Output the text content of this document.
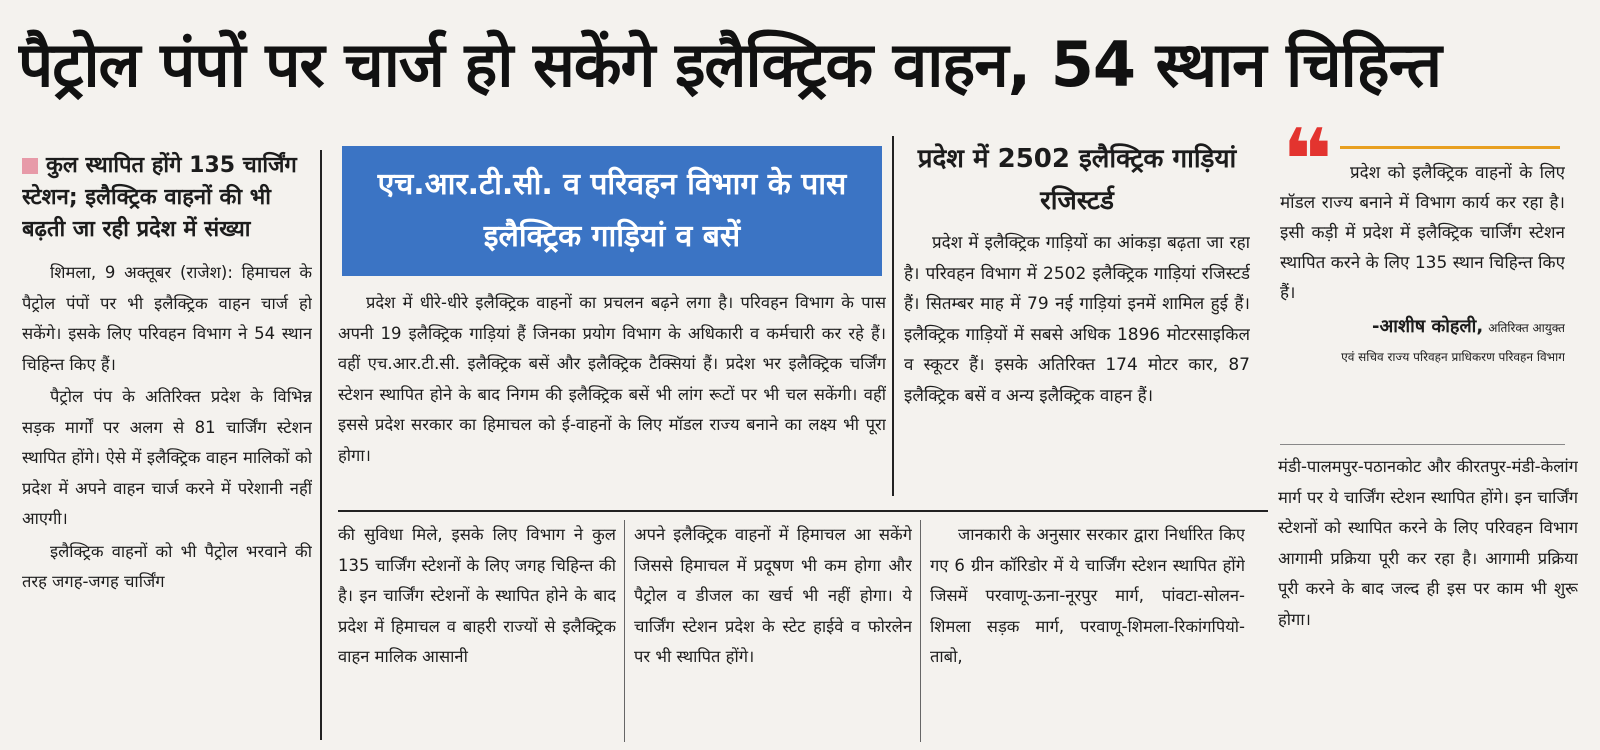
पैट्रोल पंपों पर चार्ज हो सकेंगे इलैक्ट्रिक वाहन, 54 स्थान चिहिन्त
कुल स्थापित होंगे 135 चार्जिंग स्टेशन; इलैक्ट्रिक वाहनों की भी बढ़ती जा रही प्रदेश में संख्या

शिमला, 9 अक्तूबर (राजेश): हिमाचल के पैट्रोल पंपों पर भी इलैक्ट्रिक वाहन चार्ज हो सकेंगे। इसके लिए परिवहन विभाग ने 54 स्थान चिहिन्त किए हैं।

पैट्रोल पंप के अतिरिक्त प्रदेश के विभिन्न सड़क मार्गों पर अलग से 81 चार्जिंग स्टेशन स्थापित होंगे। ऐसे में इलैक्ट्रिक वाहन मालिकों को प्रदेश में अपने वाहन चार्ज करने में परेशानी नहीं आएगी।

इलैक्ट्रिक वाहनों को भी पैट्रोल भरवाने की तरह जगह-जगह चार्जिंग

एच.आर.टी.सी. व परिवहन विभाग के पास इलैक्ट्रिक गाड़ियां व बसें
प्रदेश में धीरे-धीरे इलैक्ट्रिक वाहनों का प्रचलन बढ़ने लगा है। परिवहन विभाग के पास अपनी 19 इलैक्ट्रिक गाड़ियां हैं जिनका प्रयोग विभाग के अधिकारी व कर्मचारी कर रहे हैं। वहीं एच.आर.टी.सी. इलैक्ट्रिक बसें और इलैक्ट्रिक टैक्सियां हैं। प्रदेश भर इलैक्ट्रिक चर्जिंग स्टेशन स्थापित होने के बाद निगम की इलैक्ट्रिक बसें भी लांग रूटों पर भी चल सकेंगी। वहीं इससे प्रदेश सरकार का हिमाचल को ई-वाहनों के लिए मॉडल राज्य बनाने का लक्ष्य भी पूरा होगा।
प्रदेश में 2502 इलैक्ट्रिक गाड़ियां रजिस्टर्ड
प्रदेश में इलैक्ट्रिक गाड़ियों का आंकड़ा बढ़ता जा रहा है। परिवहन विभाग में 2502 इलैक्ट्रिक गाड़ियां रजिस्टर्ड हैं। सितम्बर माह में 79 नई गाड़ियां इनमें शामिल हुई हैं। इलैक्ट्रिक गाड़ियों में सबसे अधिक 1896 मोटरसाइकिल व स्कूटर हैं। इसके अतिरिक्त 174 मोटर कार, 87 इलैक्ट्रिक बसें व अन्य इलैक्ट्रिक वाहन हैं।
❝	प्रदेश को इलैक्ट्रिक वाहनों के लिए मॉडल राज्य बनाने में विभाग कार्य कर रहा है। इसी कड़ी में प्रदेश में इलैक्ट्रिक चार्जिंग स्टेशन स्थापित करने के लिए 135 स्थान चिहिन्त किए हैं।
-आशीष कोहली, अतिरिक्त आयुक्त
एवं सचिव राज्य परिवहन प्राधिकरण परिवहन विभाग
की सुविधा मिले, इसके लिए विभाग ने कुल 135 चार्जिंग स्टेशनों के लिए जगह चिहिन्त की है। इन चार्जिंग स्टेशनों के स्थापित होने के बाद प्रदेश में हिमाचल व बाहरी राज्यों से इलैक्ट्रिक वाहन मालिक आसानी
अपने इलैक्ट्रिक वाहनों में हिमाचल आ सकेंगे जिससे हिमाचल में प्रदूषण भी कम होगा और पैट्रोल व डीजल का खर्च भी नहीं होगा। ये चार्जिंग स्टेशन प्रदेश के स्टेट हाईवे व फोरलेन पर भी स्थापित होंगे।
जानकारी के अनुसार सरकार द्वारा निर्धारित किए गए 6 ग्रीन कॉरिडोर में ये चार्जिंग स्टेशन स्थापित होंगे जिसमें परवाणू-ऊना-नूरपुर मार्ग, पांवटा-सोलन-शिमला सड़क मार्ग, परवाणू-शिमला-रिकांगपियो-ताबो,
मंडी-पालमपुर-पठानकोट और कीरतपुर-मंडी-केलांग मार्ग पर ये चार्जिंग स्टेशन स्थापित होंगे। इन चार्जिंग स्टेशनों को स्थापित करने के लिए परिवहन विभाग आगामी प्रक्रिया पूरी कर रहा है। आगामी प्रक्रिया पूरी करने के बाद जल्द ही इस पर काम भी शुरू होगा।
